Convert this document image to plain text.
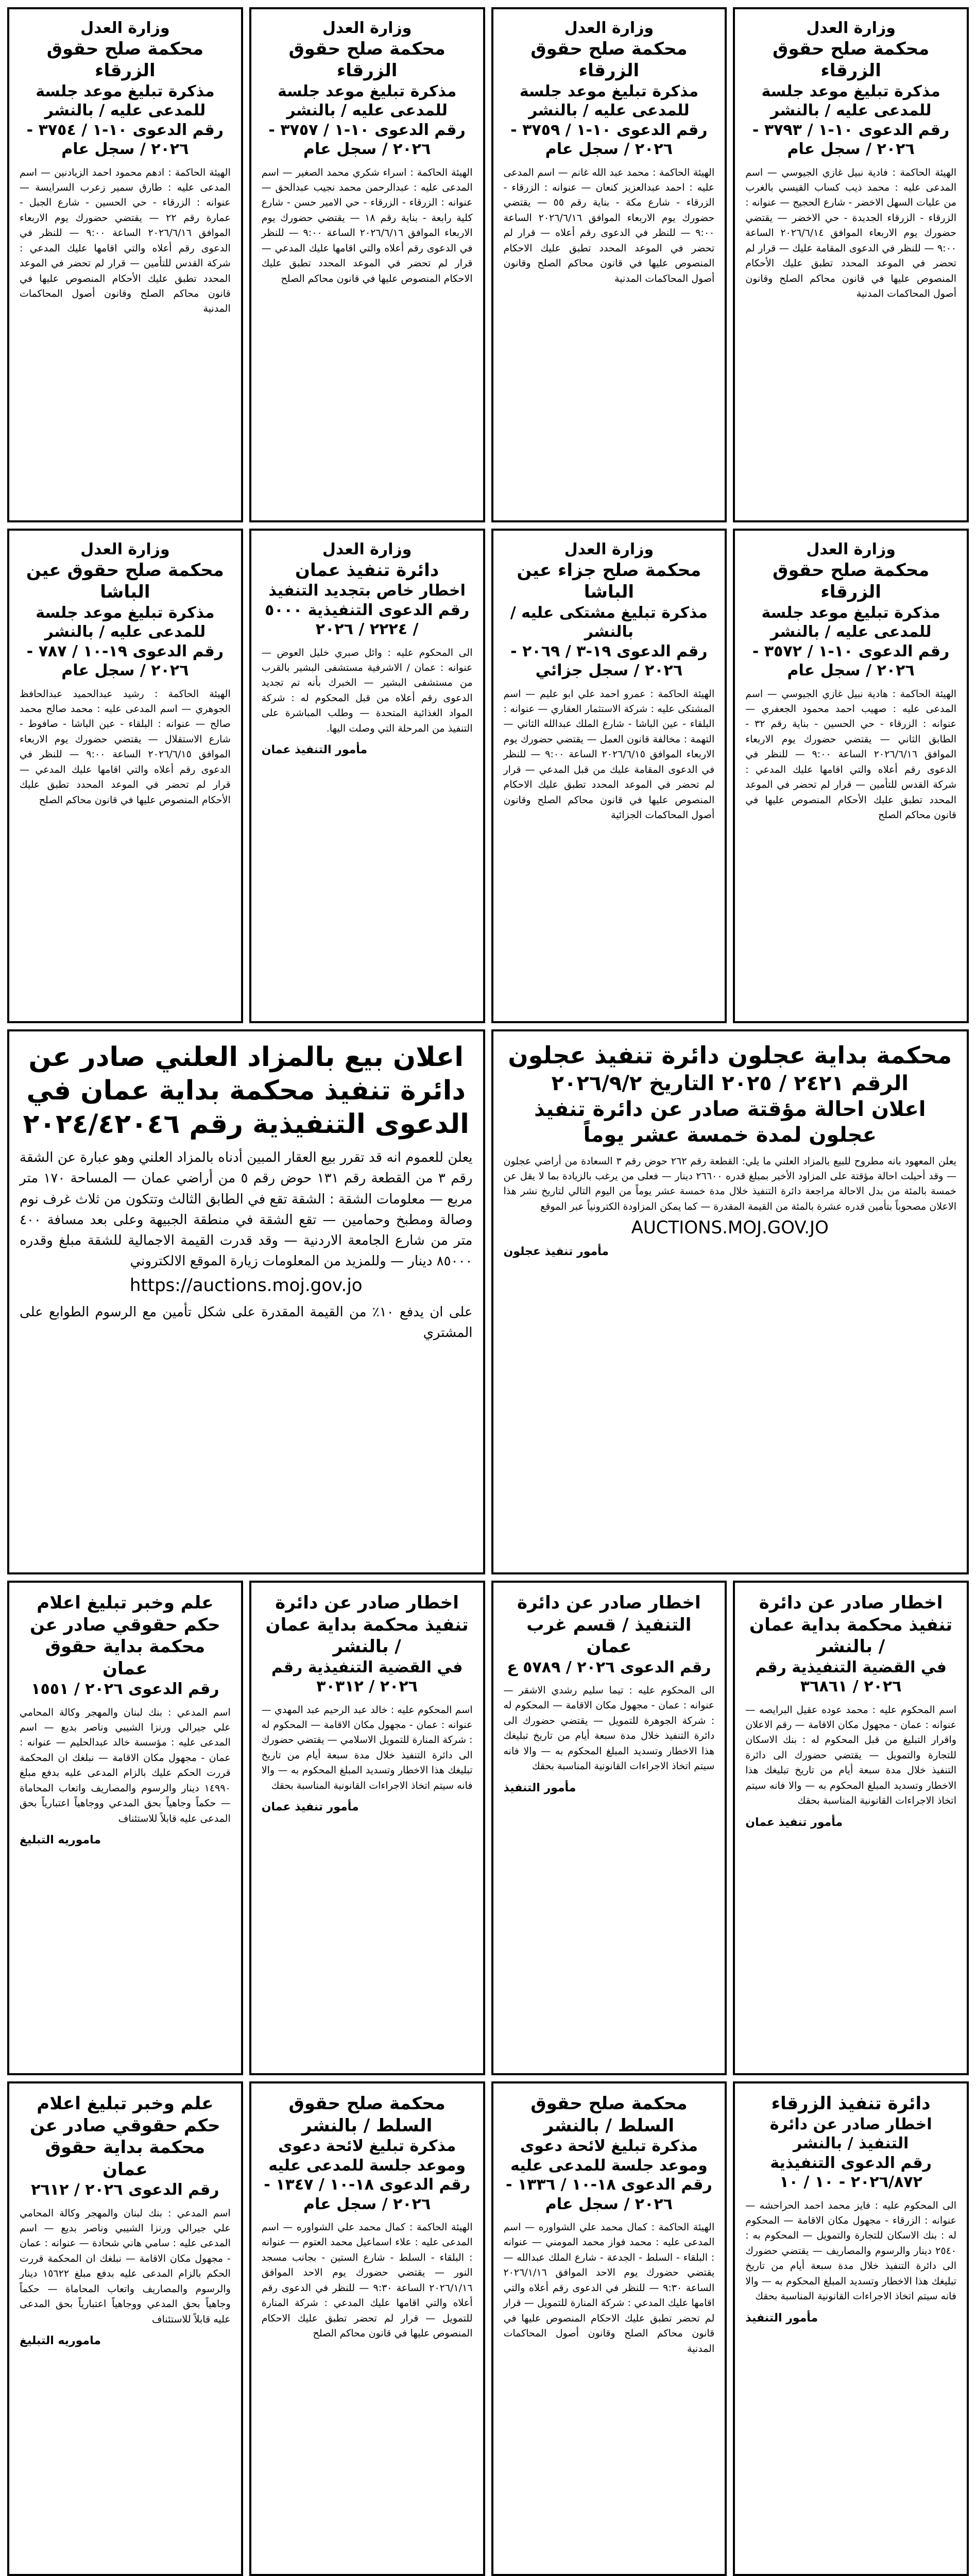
وزارة العدل
محكمة صلح حقوق الزرقاء
مذكرة تبليغ موعد جلسة للمدعى عليه / بالنشر
رقم الدعوى ١٠-١ / ٣٧٩٣ - ٢٠٢٦ / سجل عام
الهيئة الحاكمة : فادية نبيل غازي الجيوسي — اسم المدعى عليه : محمد ذيب كساب القيسي بالغرب من عليات السهل الاخضر - شارع الحجيج — عنوانه : الزرقاء - الزرقاء الجديدة - حي الاخضر — يقتضي حضورك يوم الاربعاء الموافق ٢٠٢٦/٦/١٤ الساعة ٩:٠٠ — للنظر في الدعوى المقامة عليك — قرار لم تحضر في الموعد المحدد تطبق عليك الأحكام المنصوص عليها في قانون محاكم الصلح وقانون أصول المحاكمات المدنية
وزارة العدل
محكمة صلح حقوق الزرقاء
مذكرة تبليغ موعد جلسة للمدعى عليه / بالنشر
رقم الدعوى ١٠-١ / ٣٧٥٩ - ٢٠٢٦ / سجل عام
الهيئة الحاكمة : محمد عبد الله غانم — اسم المدعى عليه : احمد عبدالعزيز كنعان — عنوانه : الزرقاء - الزرقاء - شارع مكة - بناية رقم ٥٥ — يقتضي حضورك يوم الاربعاء الموافق ٢٠٢٦/٦/١٦ الساعة ٩:٠٠ — للنظر في الدعوى رقم أعلاه — قرار لم تحضر في الموعد المحدد تطبق عليك الاحكام المنصوص عليها في قانون محاكم الصلح وقانون أصول المحاكمات المدنية
وزارة العدل
محكمة صلح حقوق الزرقاء
مذكرة تبليغ موعد جلسة للمدعى عليه / بالنشر
رقم الدعوى ١٠-١ / ٣٧٥٧ - ٢٠٢٦ / سجل عام
الهيئة الحاكمة : اسراء شكري محمد الصغير — اسم المدعى عليه : عبدالرحمن محمد نجيب عبدالحق — عنوانه : الزرقاء - الزرقاء - حي الامير حسن - شارع كلية رابعة - بناية رقم ١٨ — يقتضي حضورك يوم الاربعاء الموافق ٢٠٢٦/٦/١٦ الساعة ٩:٠٠ — للنظر في الدعوى رقم أعلاه والتي اقامها عليك المدعي — قرار لم تحضر في الموعد المحدد تطبق عليك الاحكام المنصوص عليها في قانون محاكم الصلح
وزارة العدل
محكمة صلح حقوق الزرقاء
مذكرة تبليغ موعد جلسة للمدعى عليه / بالنشر
رقم الدعوى ١٠-١ / ٣٧٥٤ - ٢٠٢٦ / سجل عام
الهيئة الحاكمة : ادهم محمود احمد الزيادنين — اسم المدعى عليه : طارق سمير زعرب السرايسة — عنوانه : الزرقاء - حي الحسين - شارع الجبل - عمارة رقم ٢٢ — يقتضي حضورك يوم الاربعاء الموافق ٢٠٢٦/٦/١٦ الساعة ٩:٠٠ — للنظر في الدعوى رقم أعلاه والتي اقامها عليك المدعي : شركة القدس للتأمين — قرار لم تحضر في الموعد المحدد تطبق عليك الأحكام المنصوص عليها في قانون محاكم الصلح وقانون أصول المحاكمات المدنية
وزارة العدل
محكمة صلح حقوق الزرقاء
مذكرة تبليغ موعد جلسة للمدعى عليه / بالنشر
رقم الدعوى ١٠-١ / ٣٥٧٢ - ٢٠٢٦ / سجل عام
الهيئة الحاكمة : هادية نبيل غازي الجيوسي — اسم المدعى عليه : صهيب احمد محمود الجعفري — عنوانه : الزرقاء - حي الحسين - بناية رقم ٣٢ - الطابق الثاني — يقتضي حضورك يوم الاربعاء الموافق ٢٠٢٦/٦/١٦ الساعة ٩:٠٠ — للنظر في الدعوى رقم أعلاه والتي اقامها عليك المدعي : شركة القدس للتأمين — قرار لم تحضر في الموعد المحدد تطبق عليك الأحكام المنصوص عليها في قانون محاكم الصلح
وزارة العدل
محكمة صلح جزاء عين الباشا
مذكرة تبليغ مشتكى عليه / بالنشر
رقم الدعوى ١٩-٣ / ٢٠٦٩ - ٢٠٢٦ / سجل جزائي
الهيئة الحاكمة : عمرو احمد علي ابو عليم — اسم المشتكى عليه : شركة الاستثمار العقاري — عنوانه : البلقاء - عين الباشا - شارع الملك عبدالله الثاني — التهمة : مخالفة قانون العمل — يقتضي حضورك يوم الاربعاء الموافق ٢٠٢٦/٦/١٥ الساعة ٩:٠٠ — للنظر في الدعوى المقامة عليك من قبل المدعي — قرار لم تحضر في الموعد المحدد تطبق عليك الاحكام المنصوص عليها في قانون محاكم الصلح وقانون أصول المحاكمات الجزائية
وزارة العدل
دائرة تنفيذ عمان
اخطار خاص بتجديد التنفيذ
رقم الدعوى التنفيذية ٥٠٠٠ / ٢٢٢٤ / ٢٠٢٦
الى المحكوم عليه : وائل صبري خليل العوض — عنوانه : عمان / الاشرفية مستشفى البشير بالقرب من مستشفى البشير — الخبرك بأنه تم تجديد الدعوى رقم أعلاه من قبل المحكوم له : شركة المواد الغذائية المتحدة — وطلب المباشرة على التنفيذ من المرحلة التي وصلت اليها.
مأمور التنفيذ عمان
وزارة العدل
محكمة صلح حقوق عين الباشا
مذكرة تبليغ موعد جلسة للمدعى عليه / بالنشر
رقم الدعوى ١٩-١٠ / ٧٨٧ - ٢٠٢٦ / سجل عام
الهيئة الحاكمة : رشيد عبدالحميد عبدالحافظ الجوهري — اسم المدعى عليه : محمد صالح محمد صالح — عنوانه : البلقاء - عين الباشا - صافوط - شارع الاستقلال — يقتضي حضورك يوم الاربعاء الموافق ٢٠٢٦/٦/١٥ الساعة ٩:٠٠ — للنظر في الدعوى رقم أعلاه والتي اقامها عليك المدعي — قرار لم تحضر في الموعد المحدد تطبق عليك الأحكام المنصوص عليها في قانون محاكم الصلح
محكمة بداية عجلون دائرة تنفيذ عجلون
الرقم ٢٤٢١ / ٢٠٢٥ التاريخ ٢٠٢٦/٩/٢
اعلان احالة مؤقتة صادر عن دائرة تنفيذ عجلون لمدة خمسة عشر يوماً
يعلن المعهود بانه مطروح للبيع بالمزاد العلني ما يلي: القطعة رقم ٢٦٢ حوض رقم ٣ السعادة من أراضي عجلون — وقد أحيلت احالة مؤقتة على المزاود الأخير بمبلغ قدره ٢٦٦٠٠ دينار — فعلى من يرغب بالزيادة بما لا يقل عن خمسة بالمئة من بدل الاحالة مراجعة دائرة التنفيذ خلال مدة خمسة عشر يوماً من اليوم التالي لتاريخ نشر هذا الاعلان مصحوباً بتأمين قدره عشرة بالمئة من القيمة المقدرة — كما يمكن المزاودة الكترونياً عبر الموقع
AUCTIONS.MOJ.GOV.JO
مأمور تنفيذ عجلون
اعلان بيع بالمزاد العلني صادر عن دائرة تنفيذ محكمة بداية عمان في الدعوى التنفيذية رقم ٢٠٢٤/٤٢٠٤٦
يعلن للعموم انه قد تقرر بيع العقار المبين أدناه بالمزاد العلني وهو عبارة عن الشقة رقم ٣ من القطعة رقم ١٣١ حوض رقم ٥ من أراضي عمان — المساحة ١٧٠ متر مربع — معلومات الشقة : الشقة تقع في الطابق الثالث وتتكون من ثلاث غرف نوم وصالة ومطبخ وحمامين — تقع الشقة في منطقة الجبيهة وعلى بعد مسافة ٤٠٠ متر من شارع الجامعة الاردنية — وقد قدرت القيمة الاجمالية للشقة مبلغ وقدره ٨٥٠٠٠ دينار — وللمزيد من المعلومات زيارة الموقع الالكتروني
https://auctions.moj.gov.jo
على ان يدفع ١٠٪ من القيمة المقدرة على شكل تأمين مع الرسوم الطوابع على المشتري
اخطار صادر عن دائرة تنفيذ محكمة بداية عمان / بالنشر
في القضية التنفيذية رقم ٢٠٢٦ / ٣٦٨٦١
اسم المحكوم عليه : محمد عوده عقيل البرايصه — عنوانه : عمان - مجهول مكان الاقامة — رقم الاعلان واقرار التبليغ من قبل المحكوم له : بنك الاسكان للتجارة والتمويل — يقتضي حضورك الى دائرة التنفيذ خلال مدة سبعة أيام من تاريخ تبليغك هذا الاخطار وتسديد المبلغ المحكوم به — والا فانه سيتم اتخاذ الاجراءات القانونية المناسبة بحقك
مأمور تنفيذ عمان
اخطار صادر عن دائرة التنفيذ / قسم غرب عمان
رقم الدعوى ٢٠٢٦ / ٥٧٨٩ ع
الى المحكوم عليه : تيما سليم رشدي الاشقر — عنوانه : عمان - مجهول مكان الاقامة — المحكوم له : شركة الجوهرة للتمويل — يقتضي حضورك الى دائرة التنفيذ خلال مدة سبعة أيام من تاريخ تبليغك هذا الاخطار وتسديد المبلغ المحكوم به — والا فانه سيتم اتخاذ الاجراءات القانونية المناسبة بحقك
مأمور التنفيذ
اخطار صادر عن دائرة تنفيذ محكمة بداية عمان / بالنشر
في القضية التنفيذية رقم ٢٠٢٦ / ٣٠٣١٢
اسم المحكوم عليه : خالد عبد الرحيم عبد المهدي — عنوانه : عمان - مجهول مكان الاقامة — المحكوم له : شركة المنارة للتمويل الاسلامي — يقتضي حضورك الى دائرة التنفيذ خلال مدة سبعة أيام من تاريخ تبليغك هذا الاخطار وتسديد المبلغ المحكوم به — والا فانه سيتم اتخاذ الاجراءات القانونية المناسبة بحقك
مأمور تنفيذ عمان
علم وخبر تبليغ اعلام حكم حقوقي صادر عن محكمة بداية حقوق عمان
رقم الدعوى ٢٠٢٦ / ١٥٥١
اسم المدعي : بنك لبنان والمهجر وكالة المحامي علي جيرالي ورنزا الشيبي وناصر بديع — اسم المدعى عليه : مؤسسة خالد عبدالحليم — عنوانه : عمان - مجهول مكان الاقامة — نبلغك ان المحكمة قررت الحكم عليك بالزام المدعى عليه بدفع مبلغ ١٤٩٩٠ دينار والرسوم والمصاريف واتعاب المحاماة — حكماً وجاهياً بحق المدعي ووجاهياً اعتبارياً بحق المدعى عليه قابلاً للاستئناف
ماموريه التبليغ
دائرة تنفيذ الزرقاء
اخطار صادر عن دائرة التنفيذ / بالنشر
رقم الدعوى التنفيذية ٢٠٢٦/٨٧٢ - ١٠ / ١٠
الى المحكوم عليه : فايز محمد احمد الحراحشه — عنوانه : الزرقاء - مجهول مكان الاقامة — المحكوم له : بنك الاسكان للتجارة والتمويل — المحكوم به : ٢٥٤٠ دينار والرسوم والمصاريف — يقتضي حضورك الى دائرة التنفيذ خلال مدة سبعة أيام من تاريخ تبليغك هذا الاخطار وتسديد المبلغ المحكوم به — والا فانه سيتم اتخاذ الاجراءات القانونية المناسبة بحقك
مأمور التنفيذ
محكمة صلح حقوق السلط / بالنشر
مذكرة تبليغ لائحة دعوى وموعد جلسة للمدعى عليه
رقم الدعوى ١٨-١٠ / ١٣٣٦ - ٢٠٢٦ / سجل عام
الهيئة الحاكمة : كمال محمد علي الشواوره — اسم المدعى عليه : محمد فواز محمد المومني — عنوانه : البلقاء - السلط - الجدعة - شارع الملك عبدالله — يقتضي حضورك يوم الاحد الموافق ٢٠٢٦/١/١٦ الساعة ٩:٣٠ — للنظر في الدعوى رقم أعلاه والتي اقامها عليك المدعي : شركة المنارة للتمويل — قرار لم تحضر تطبق عليك الاحكام المنصوص عليها في قانون محاكم الصلح وقانون أصول المحاكمات المدنية
محكمة صلح حقوق السلط / بالنشر
مذكرة تبليغ لائحة دعوى وموعد جلسة للمدعى عليه
رقم الدعوى ١٨-١٠ / ١٣٤٧ - ٢٠٢٦ / سجل عام
الهيئة الحاكمة : كمال محمد علي الشواوره — اسم المدعى عليه : علاء اسماعيل محمد العتوم — عنوانه : البلقاء - السلط - شارع الستين - بجانب مسجد النور — يقتضي حضورك يوم الاحد الموافق ٢٠٢٦/١/١٦ الساعة ٩:٣٠ — للنظر في الدعوى رقم أعلاه والتي اقامها عليك المدعي : شركة المنارة للتمويل — قرار لم تحضر تطبق عليك الاحكام المنصوص عليها في قانون محاكم الصلح
علم وخبر تبليغ اعلام حكم حقوقي صادر عن محكمة بداية حقوق عمان
رقم الدعوى ٢٠٢٦ / ٢٦١٢
اسم المدعي : بنك لبنان والمهجر وكالة المحامي علي جيرالي ورنزا الشيبي وناصر بديع — اسم المدعى عليه : سامي هاني شحادة — عنوانه : عمان - مجهول مكان الاقامة — نبلغك ان المحكمة قررت الحكم بالزام المدعى عليه بدفع مبلغ ١٥٦٢٢ دينار والرسوم والمصاريف واتعاب المحاماة — حكماً وجاهياً بحق المدعي ووجاهياً اعتبارياً بحق المدعى عليه قابلاً للاستئناف
ماموريه التبليغ
